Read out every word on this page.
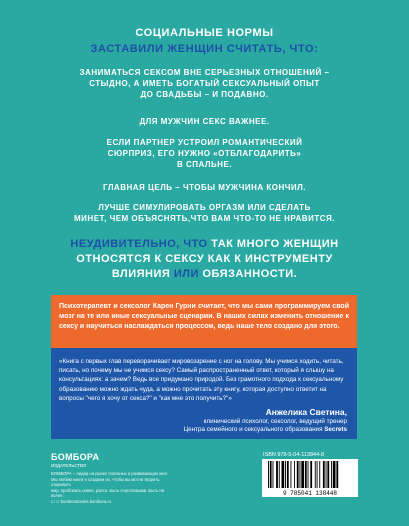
СОЦИАЛЬНЫЕ НОРМЫ
ЗАСТАВИЛИ ЖЕНЩИН СЧИТАТЬ, ЧТО:
ЗАНИМАТЬСЯ СЕКСОМ ВНЕ СЕРЬЕЗНЫХ ОТНОШЕНИЙ –
СТЫДНО, А ИМЕТЬ БОГАТЫЙ СЕКСУАЛЬНЫЙ ОПЫТ
ДО СВАДЬБЫ – И ПОДАВНО.
ДЛЯ МУЖЧИН СЕКС ВАЖНЕЕ.
ЕСЛИ ПАРТНЕР УСТРОИЛ РОМАНТИЧЕСКИЙ
СЮРПРИЗ, ЕГО НУЖНО «ОТБЛАГОДАРИТЬ»
В СПАЛЬНЕ.
ГЛАВНАЯ ЦЕЛЬ – ЧТОБЫ МУЖЧИНА КОНЧИЛ.
ЛУЧШЕ СИМУЛИРОВАТЬ ОРГАЗМ ИЛИ СДЕЛАТЬ
МИНЕТ, ЧЕМ ОБЪЯСНЯТЬ,ЧТО ВАМ ЧТО-ТО НЕ НРАВИТСЯ.
НЕУДИВИТЕЛЬНО, ЧТО ТАК МНОГО ЖЕНЩИН
ОТНОСЯТСЯ К СЕКСУ КАК К ИНСТРУМЕНТУ
ВЛИЯНИЯ ИЛИ ОБЯЗАННОСТИ.

Психотерапевт и сексолог Карен Гурни считает, что мы сами программируем свой мозг на те или иные сексуальные сценарии. В наших силах изменить отношение к сексу и научиться наслаждаться процессом, ведь наше тело создано для этого.

«Книга с первых глав переворачивает мировоззрение с ног на голову. Мы учимся ходить, читать, писать, но почему мы не учимся сексу? Самый распространенный ответ, который я слышу на консультациях: а зачем? Ведь все придумано природой. Без грамотного подхода к сексуальному образованию можно ждать чуда, а можно прочитать эту книгу, которая доступно ответит на вопросы "чего я хочу от секса?" и "как мне это получить?"»

Анжелика Светина,
клинический психолог, сексолог, ведущий тренер
Центра семейного и сексуального образования Secrets
БОМБОРА
ИЗДАТЕЛЬСТВО
БОМБОРА – лидер на рынке полезных и развивающих книг.
Мы любим книги и создаем их, чтобы вы могли творить, открывать
мир, пробовать новое, расти. Быть счастливыми. Быть на волне.
☐ ☐ bomborabooks bombora.ru
ISBN 978-5-04-113844-8
9 785041 138448
